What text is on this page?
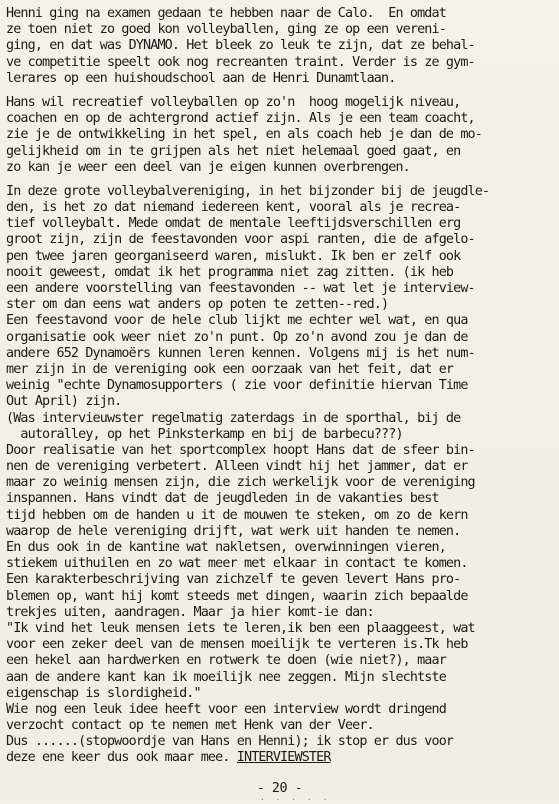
Henni ging na examen gedaan te hebben naar de Calo.  En omdat
ze toen niet zo goed kon volleyballen, ging ze op een vereni-
ging, en dat was DYNAMO. Het bleek zo leuk te zijn, dat ze behal-
ve competitie speelt ook nog recreanten traint. Verder is ze gym-
lerares op een huishoudschool aan de Henri Dunamtlaan.
Hans wil recreatief volleyballen op zo'n  hoog mogelijk niveau,
coachen en op de achtergrond actief zijn. Als je een team coacht,
zie je de ontwikkeling in het spel, en als coach heb je dan de mo-
gelijkheid om in te grijpen als het niet helemaal goed gaat, en
zo kan je weer een deel van je eigen kunnen overbrengen.
In deze grote volleybalvereniging, in het bijzonder bij de jeugdle-
den, is het zo dat niemand iedereen kent, vooral als je recrea-
tief volleybalt. Mede omdat de mentale leeftijdsverschillen erg
groot zijn, zijn de feestavonden voor aspi ranten, die de afgelo-
pen twee jaren georganiseerd waren, mislukt. Ik ben er zelf ook
nooit geweest, omdat ik het programma niet zag zitten. (ik heb
een andere voorstelling van feestavonden -- wat let je interview-
ster om dan eens wat anders op poten te zetten--red.)
Een feestavond voor de hele club lijkt me echter wel wat, en qua
organisatie ook weer niet zo'n punt. Op zo'n avond zou je dan de
andere 652 Dynamoërs kunnen leren kennen. Volgens mij is het num-
mer zijn in de vereniging ook een oorzaak van het feit, dat er
weinig "echte Dynamosupporters ( zie voor definitie hiervan Time
Out April) zijn.
(Was intervieuwster regelmatig zaterdags in de sporthal, bij de
autoralley, op het Pinksterkamp en bij de barbecu???)
Door realisatie van het sportcomplex hoopt Hans dat de sfeer bin-
nen de vereniging verbetert. Alleen vindt hij het jammer, dat er
maar zo weinig mensen zijn, die zich werkelijk voor de vereniging
inspannen. Hans vindt dat de jeugdleden in de vakanties best
tijd hebben om de handen u it de mouwen te steken, om zo de kern
waarop de hele vereniging drijft, wat werk uit handen te nemen.
En dus ook in de kantine wat nakletsen, overwinningen vieren,
stiekem uithuilen en zo wat meer met elkaar in contact te komen.
Een karakterbeschrijving van zichzelf te geven levert Hans pro-
blemen op, want hij komt steeds met dingen, waarin zich bepaalde
trekjes uiten, aandragen. Maar ja hier komt-ie dan:
"Ik vind het leuk mensen iets te leren,ik ben een plaaggeest, wat
voor een zeker deel van de mensen moeilijk te verteren is.Tk heb
een hekel aan hardwerken en rotwerk te doen (wie niet?), maar
aan de andere kant kan ik moeilijk nee zeggen. Mijn slechtste
eigenschap is slordigheid."
Wie nog een leuk idee heeft voor een interview wordt dringend
verzocht contact op te nemen met Henk van der Veer.
Dus ......(stopwoordje van Hans en Henni); ik stop er dus voor
deze ene keer dus ook maar mee. INTERVIEWSTER
- 20 -
· · · · ·
